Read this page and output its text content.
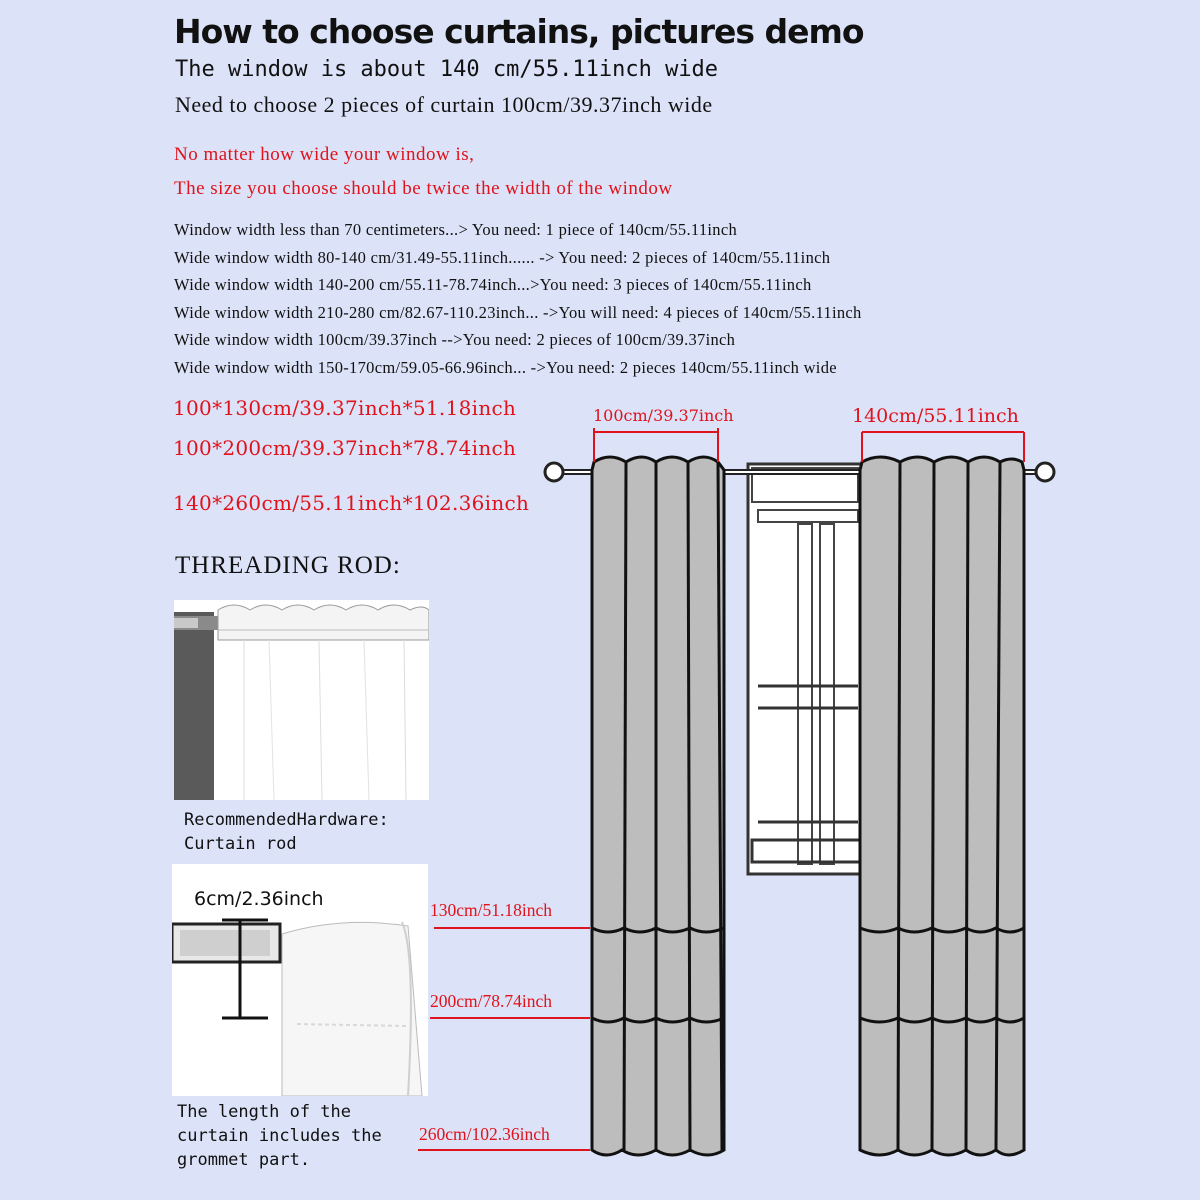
How to choose curtains, pictures demo
The window is about 140 cm/55.11inch wide
Need to choose 2 pieces of curtain 100cm/39.37inch wide
No matter how wide your window is,
The size you choose should be twice the width of the window
Window width less than 70 centimeters...> You need: 1 piece of 140cm/55.11inch
Wide window width 80-140 cm/31.49-55.11inch...... -> You need: 2 pieces of 140cm/55.11inch
Wide window width 140-200 cm/55.11-78.74inch...>You need: 3 pieces of 140cm/55.11inch
Wide window width 210-280 cm/82.67-110.23inch... ->You will need: 4 pieces of 140cm/55.11inch
Wide window width 100cm/39.37inch -->You need: 2 pieces of 100cm/39.37inch
Wide window width 150-170cm/59.05-66.96inch... ->You need: 2 pieces 140cm/55.11inch wide
100*130cm/39.37inch*51.18inch
100*200cm/39.37inch*78.74inch
140*260cm/55.11inch*102.36inch
THREADING ROD:
RecommendedHardware:
Curtain rod
6cm/2.36inch
The length of the
curtain includes the
grommet part.
100cm/39.37inch	140cm/55.11inch
130cm/51.18inch
200cm/78.74inch
260cm/102.36inch
